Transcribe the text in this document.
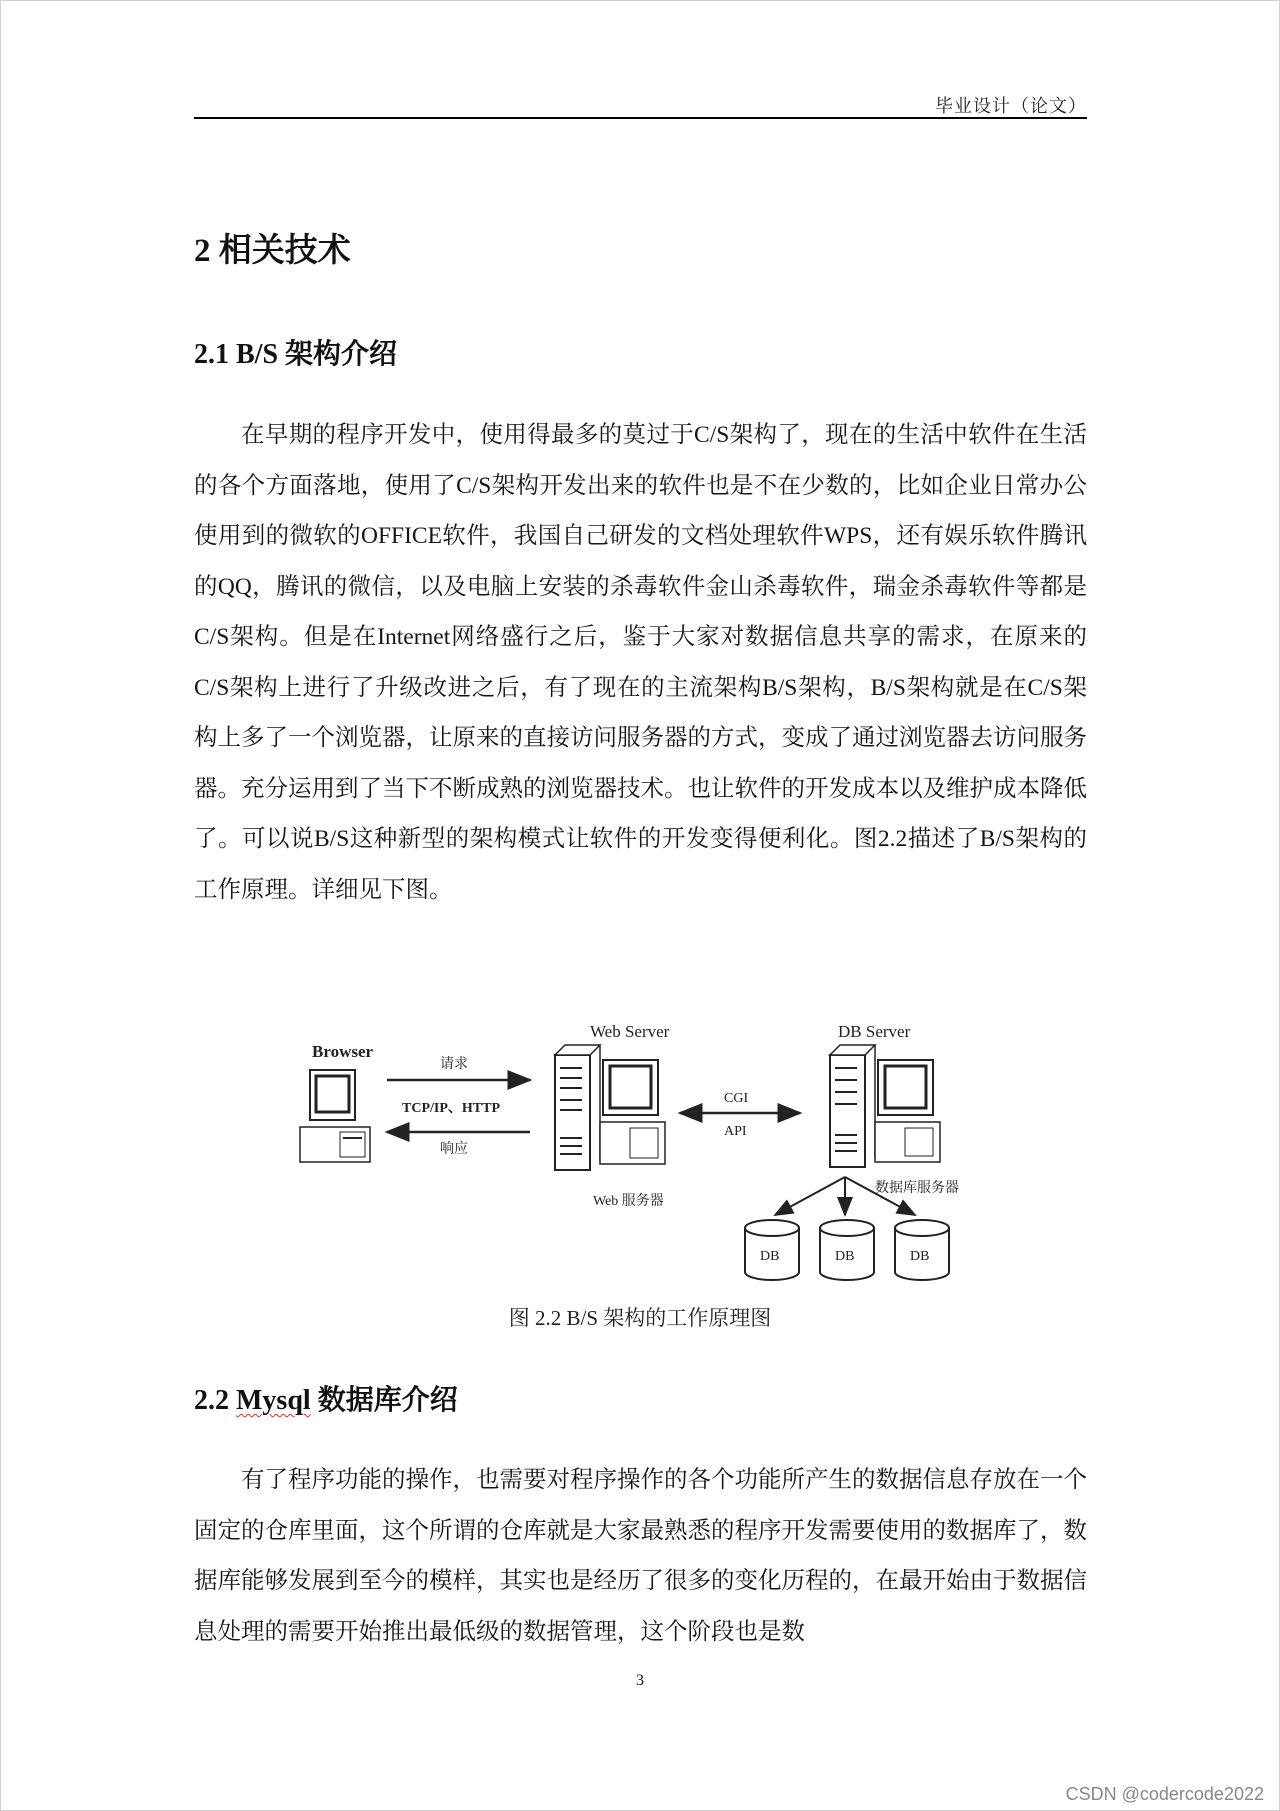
毕业设计（论文）
2 相关技术
2.1 B/S 架构介绍

在早期的程序开发中，使用得最多的莫过于C/S架构了，现在的生活中软件在生活的各个方面落地，使用了C/S架构开发出来的软件也是不在少数的，比如企业日常办公使用到的微软的OFFICE软件，我国自己研发的文档处理软件WPS，还有娱乐软件腾讯的QQ，腾讯的微信，以及电脑上安装的杀毒软件金山杀毒软件，瑞金杀毒软件等都是C/S架构。但是在Internet网络盛行之后，鉴于大家对数据信息共享的需求，在原来的C/S架构上进行了升级改进之后，有了现在的主流架构B/S架构，B/S架构就是在C/S架构上多了一个浏览器，让原来的直接访问服务器的方式，变成了通过浏览器去访问服务器。充分运用到了当下不断成熟的浏览器技术。也让软件的开发成本以及维护成本降低了。可以说B/S这种新型的架构模式让软件的开发变得便利化。图2.2描述了B/S架构的工作原理。详细见下图。

Browser
请求
TCP/IP、HTTP
响应
Web Server
Web 服务器
CGI
API
DB Server
数据库服务器
DB	DB	DB
图 2.2 B/S 架构的工作原理图
2.2 Mysql 数据库介绍

有了程序功能的操作，也需要对程序操作的各个功能所产生的数据信息存放在一个固定的仓库里面，这个所谓的仓库就是大家最熟悉的程序开发需要使用的数据库了，数据库能够发展到至今的模样，其实也是经历了很多的变化历程的，在最开始由于数据信息处理的需要开始推出最低级的数据管理，这个阶段也是数

3
CSDN @codercode2022
